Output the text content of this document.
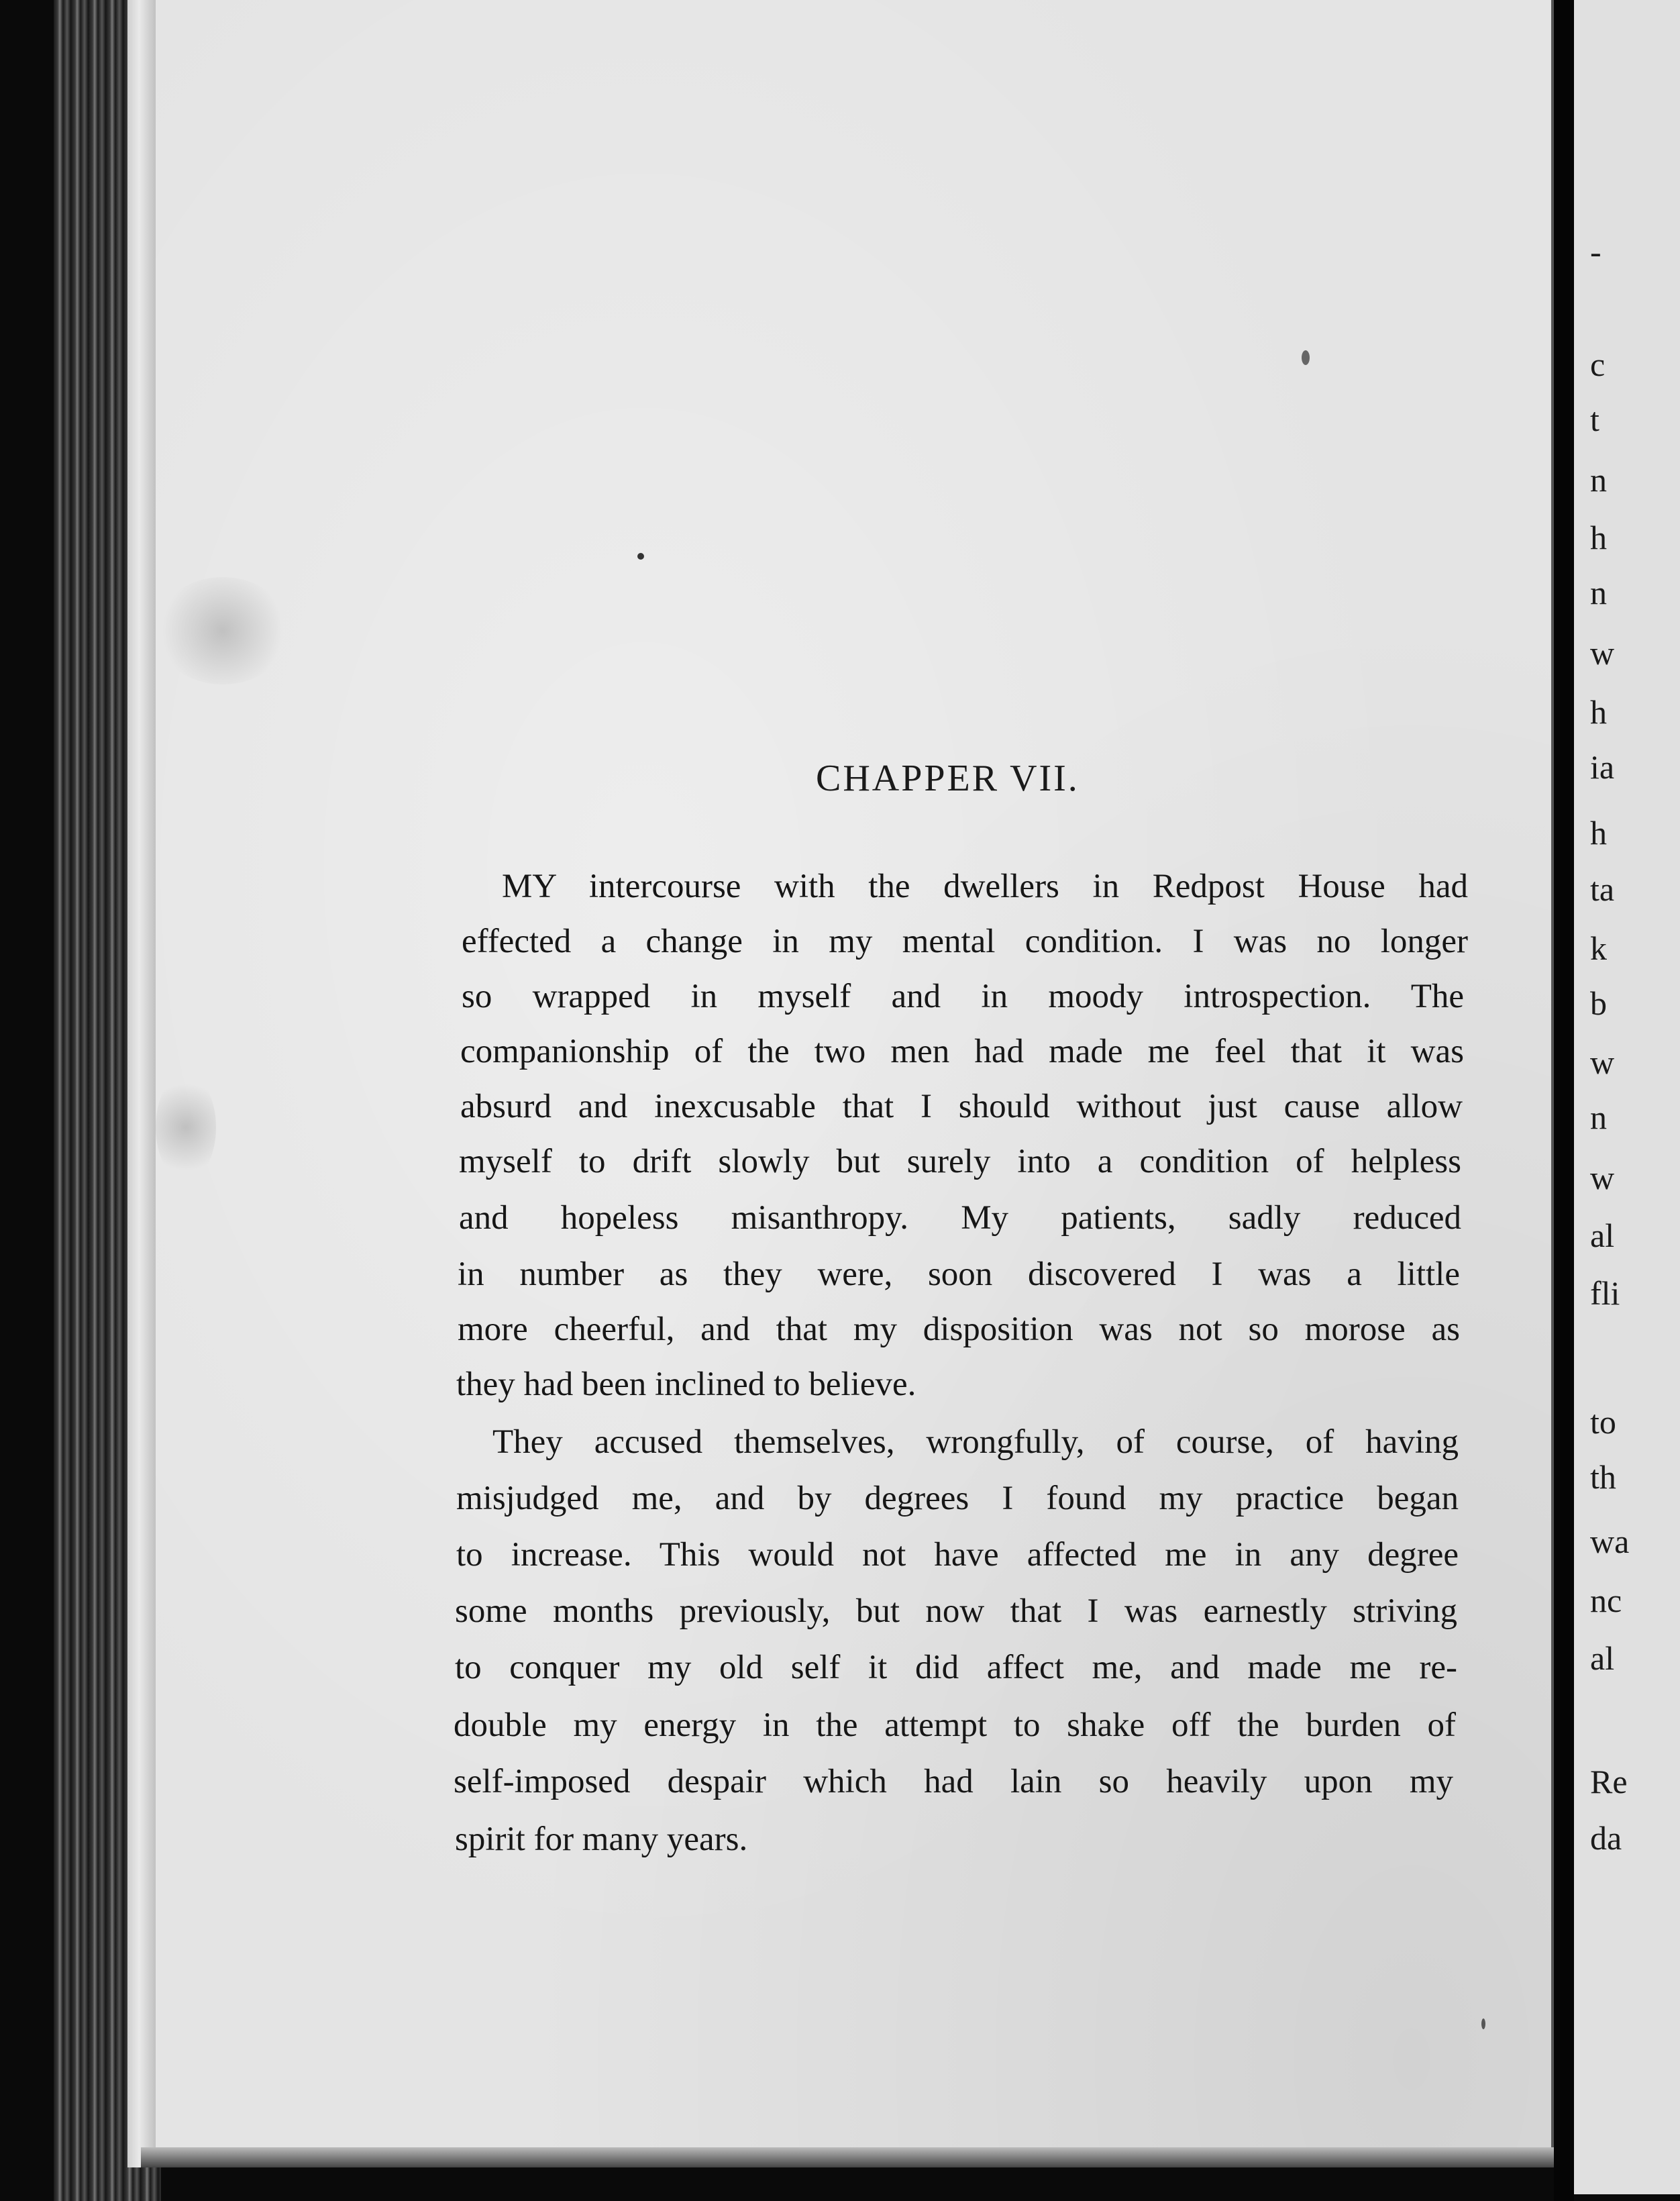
CHAPPER VII.
MY intercourse with the dwellers in Redpost House had
effected a change in my mental condition. I was no longer
so wrapped in myself and in moody introspection. The
companionship of the two men had made me feel that it was
absurd and inexcusable that I should without just cause allow
myself to drift slowly but surely into a condition of helpless
and hopeless misanthropy. My patients, sadly reduced
in number as they were, soon discovered I was a little
more cheerful, and that my disposition was not so morose as
they had been inclined to believe.
They accused themselves, wrongfully, of course, of having
misjudged me, and by degrees I found my practice began
to increase. This would not have affected me in any degree
some months previously, but now that I was earnestly striving
to conquer my old self it did affect me, and made me re-
double my energy in the attempt to shake off the burden of
self-imposed despair which had lain so heavily upon my
spirit for many years.
-
c
t
n
h
n
w
h
ia
h
ta
k
b
w
n
w
al
fli
to
th
wa
nc
al
Re
da
